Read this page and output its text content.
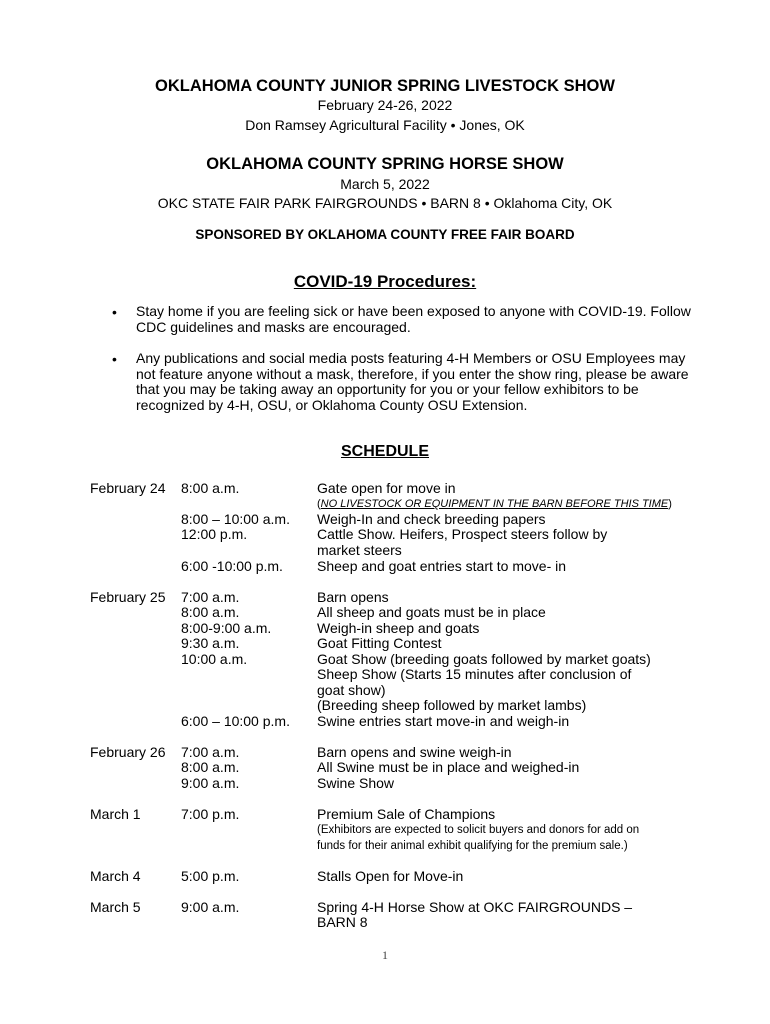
OKLAHOMA COUNTY JUNIOR SPRING LIVESTOCK SHOW
February 24-26, 2022
Don Ramsey Agricultural Facility • Jones, OK
OKLAHOMA COUNTY SPRING HORSE SHOW
March 5, 2022
OKC STATE FAIR PARK FAIRGROUNDS • BARN 8 • Oklahoma City, OK
SPONSORED BY OKLAHOMA COUNTY FREE FAIR BOARD
COVID-19 Procedures:
• Stay home if you are feeling sick or have been exposed to anyone with COVID-19. Follow CDC guidelines and masks are encouraged.
• Any publications and social media posts featuring 4-H Members or OSU Employees may not feature anyone without a mask, therefore, if you enter the show ring, please be aware that you may be taking away an opportunity for you or your fellow exhibitors to be recognized by 4-H, OSU, or Oklahoma County OSU Extension.
SCHEDULE
February 24 8:00 a.m.	Gate open for move in
(NO LIVESTOCK OR EQUIPMENT IN THE BARN BEFORE THIS TIME)
8:00 – 10:00 a.m. Weigh-In and check breeding papers
12:00 p.m.	Cattle Show. Heifers, Prospect steers follow by
market steers
6:00 -10:00 p.m. Sheep and goat entries start to move- in
February 25 7:00 a.m.	Barn opens
8:00 a.m.	All sheep and goats must be in place
8:00-9:00 a.m.	Weigh-in sheep and goats
9:30 a.m.	Goat Fitting Contest
10:00 a.m.	Goat Show (breeding goats followed by market goats)
Sheep Show (Starts 15 minutes after conclusion of
goat show)
(Breeding sheep followed by market lambs)
6:00 – 10:00 p.m. Swine entries start move-in and weigh-in
February 26 7:00 a.m.	Barn opens and swine weigh-in
8:00 a.m.	All Swine must be in place and weighed-in
9:00 a.m.	Swine Show
March 1	7:00 p.m.	Premium Sale of Champions
(Exhibitors are expected to solicit buyers and donors for add on
funds for their animal exhibit qualifying for the premium sale.)
March 4	5:00 p.m.	Stalls Open for Move-in
March 5	9:00 a.m.	Spring 4-H Horse Show at OKC FAIRGROUNDS –
BARN 8
1
